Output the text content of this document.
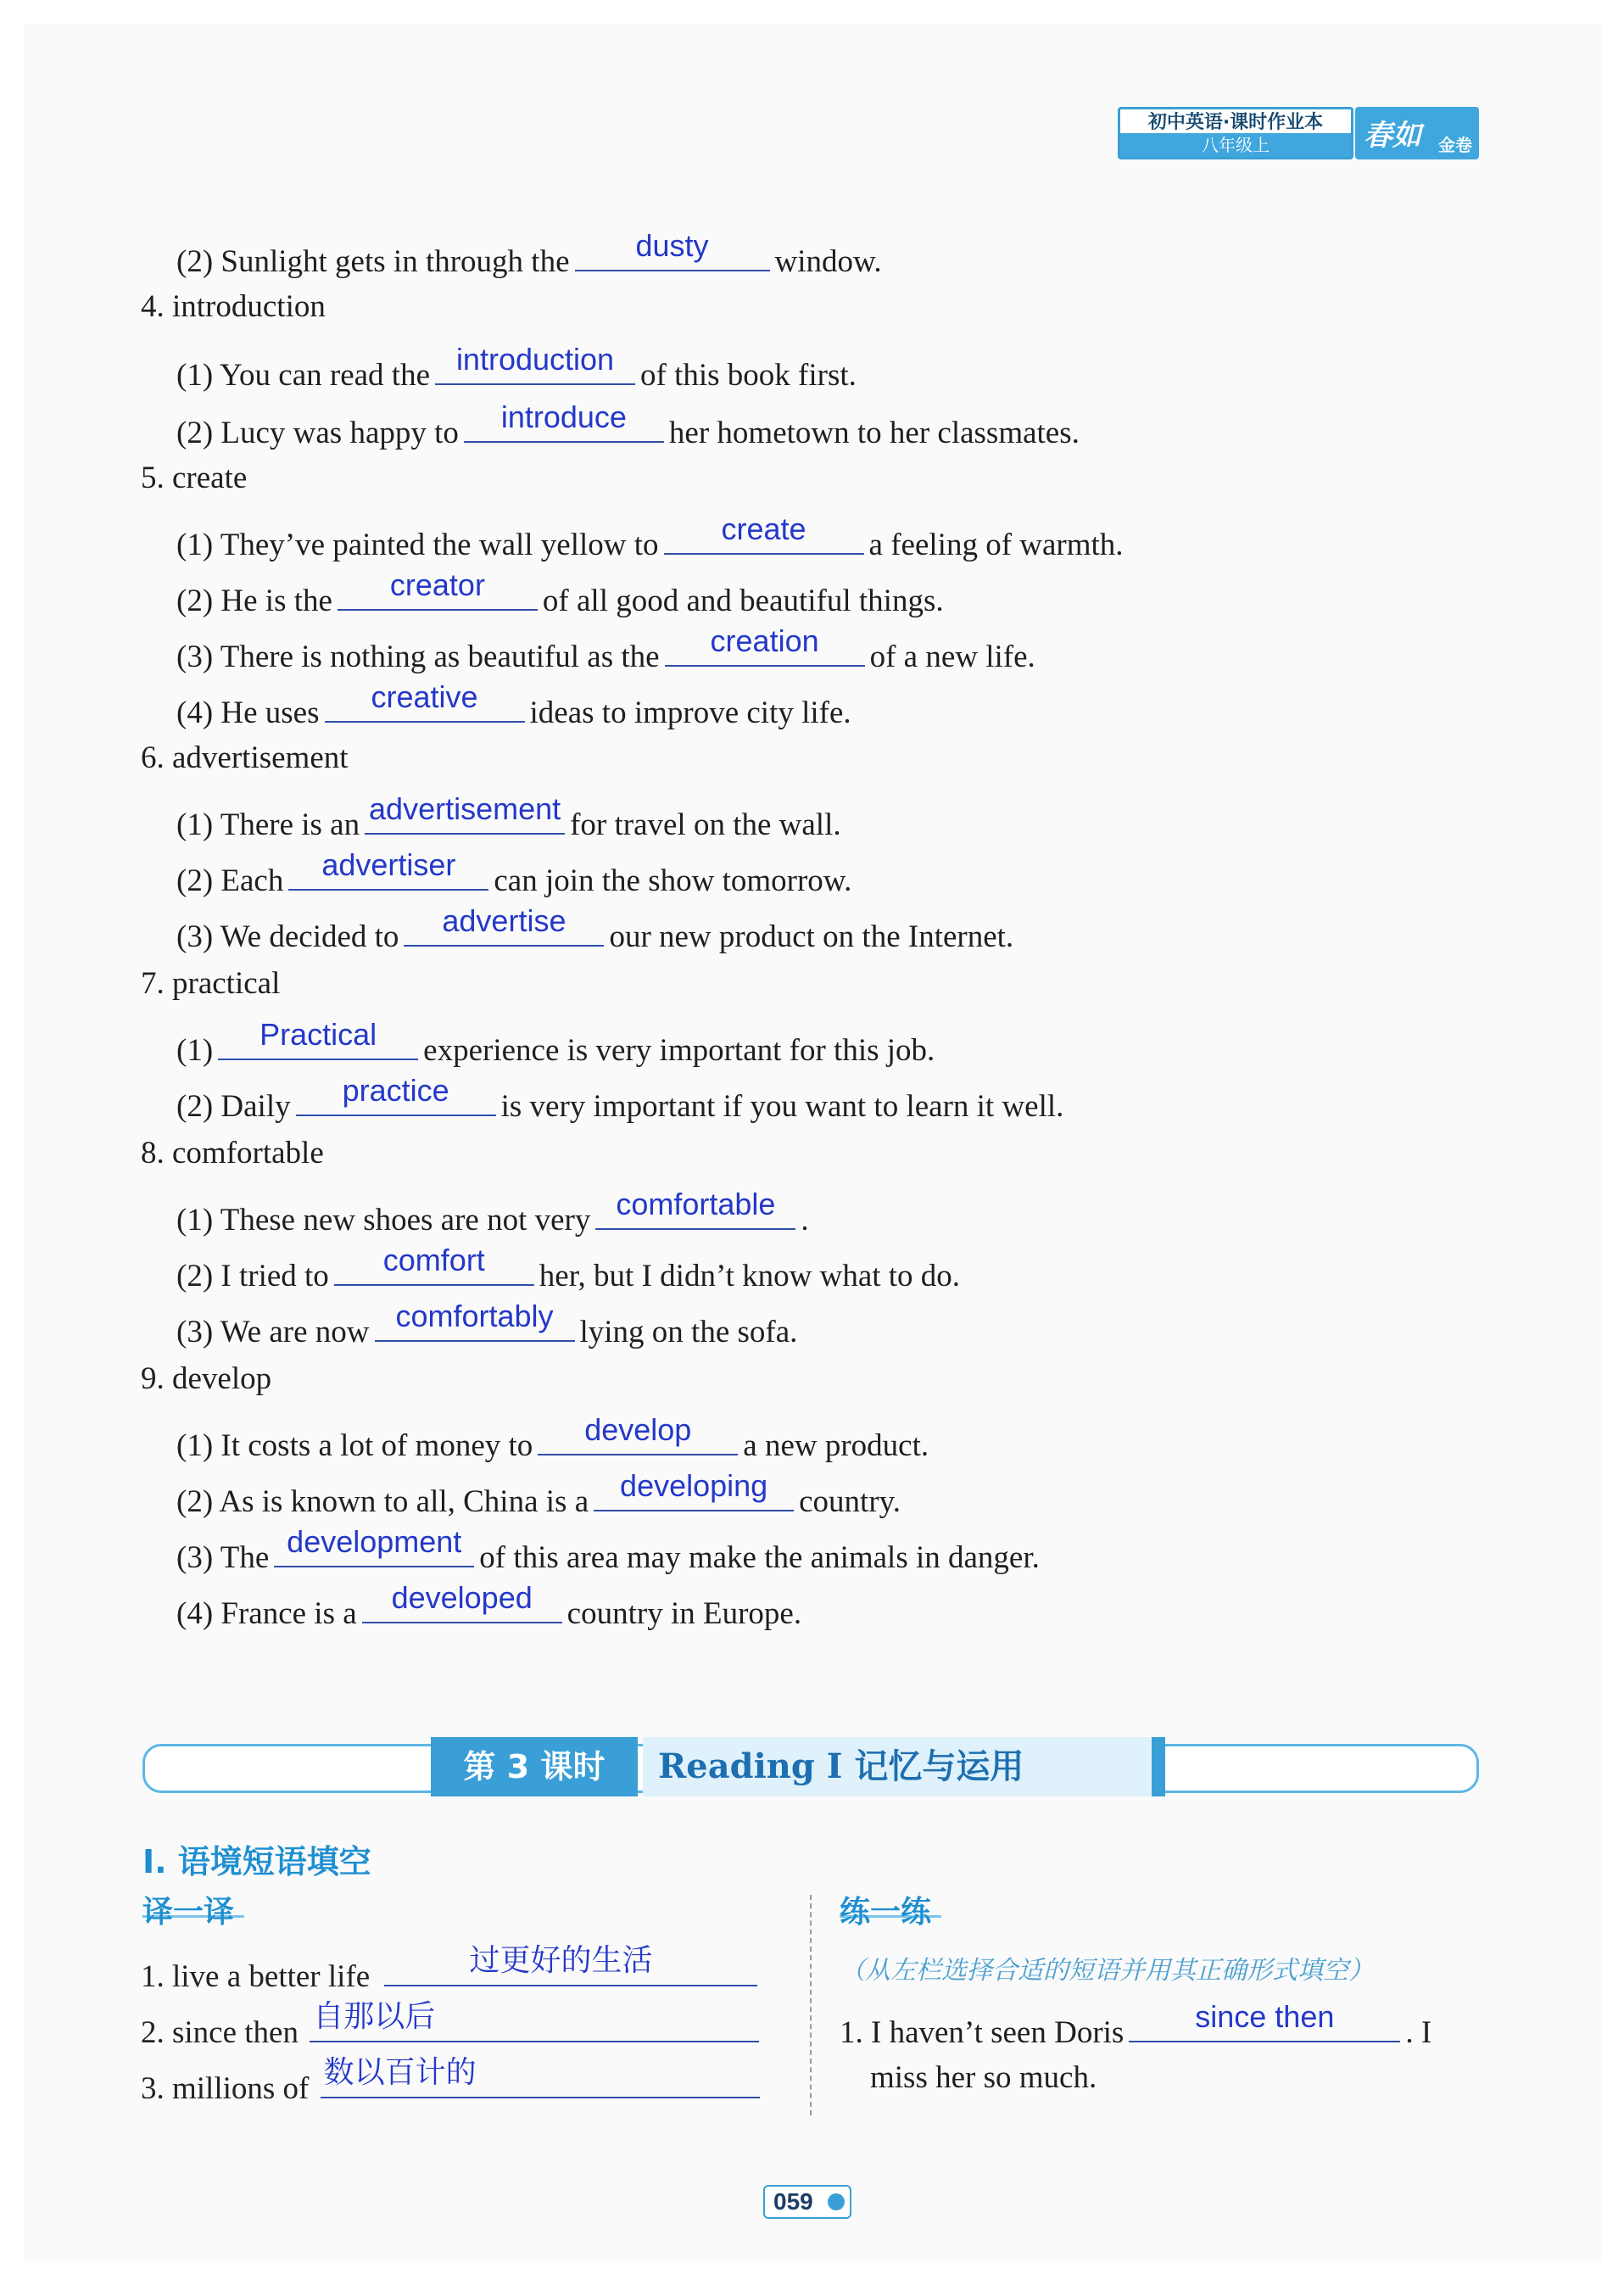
初中英语·课时作业本
八年级上	春如 金卷
(2) Sunlight gets in through the	dusty	window.
4. introduction
(1) You can read the introduction of this book first.
(2) Lucy was happy to	introduce	her hometown to her classmates.
5. create
(1) They’ve painted the wall yellow to	create	a feeling of warmth.
(2) He is the	creator	of all good and beautiful things.
(3) There is nothing as beautiful as the	creation	of a new life.
(4) He uses	creative	ideas to improve city life.
6. advertisement
(1) There is an advertisement for travel on the wall.
(2) Each	advertiser	can join the show tomorrow.
(3) We decided to	advertise	our new product on the Internet.
7. practical
(1)	Practical	experience is very important for this job.
(2) Daily	practice	is very important if you want to learn it well.
8. comfortable
(1) These new shoes are not very comfortable .
(2) I tried to	comfort	her, but I didn’t know what to do.
(3) We are now comfortably lying on the sofa.
9. develop
(1) It costs a lot of money to	develop	a new product.
(2) As is known to all, China is a	developing country.
(3) The development of this area may make the animals in danger.
(4) France is a	developed	country in Europe.
第 3 课时	Reading I 记忆与运用
I. 语境短语填空
译一译	练一练
（从左栏选择合适的短语并用其正确形式填空）
1. live a better life	过更好的生活
2. since then 自那以后
3. millions of 数以百计的
1. I haven’t seen Doris	since then	. I
miss her so much.
059
